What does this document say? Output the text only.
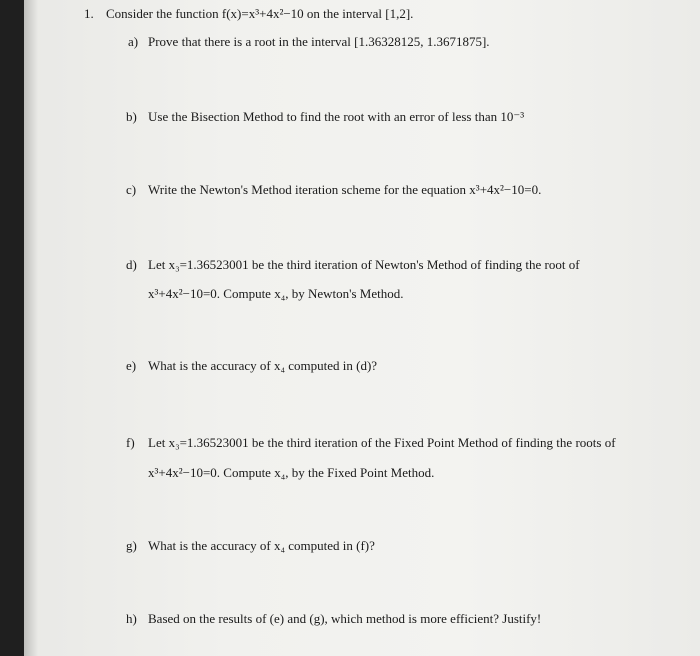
1. Consider the function f(x)=x³+4x²−10 on the interval [1,2].
a) Prove that there is a root in the interval [1.36328125, 1.3671875].
b) Use the Bisection Method to find the root with an error of less than 10⁻³
c) Write the Newton's Method iteration scheme for the equation x³+4x²−10=0.
d) Let x₃=1.36523001 be the third iteration of Newton's Method of finding the root of
x³+4x²−10=0. Compute x₄, by Newton's Method.
e) What is the accuracy of x₄ computed in (d)?
f) Let x₃=1.36523001 be the third iteration of the Fixed Point Method of finding the roots of
x³+4x²−10=0. Compute x₄, by the Fixed Point Method.
g) What is the accuracy of x₄ computed in (f)?
h) Based on the results of (e) and (g), which method is more efficient? Justify!
